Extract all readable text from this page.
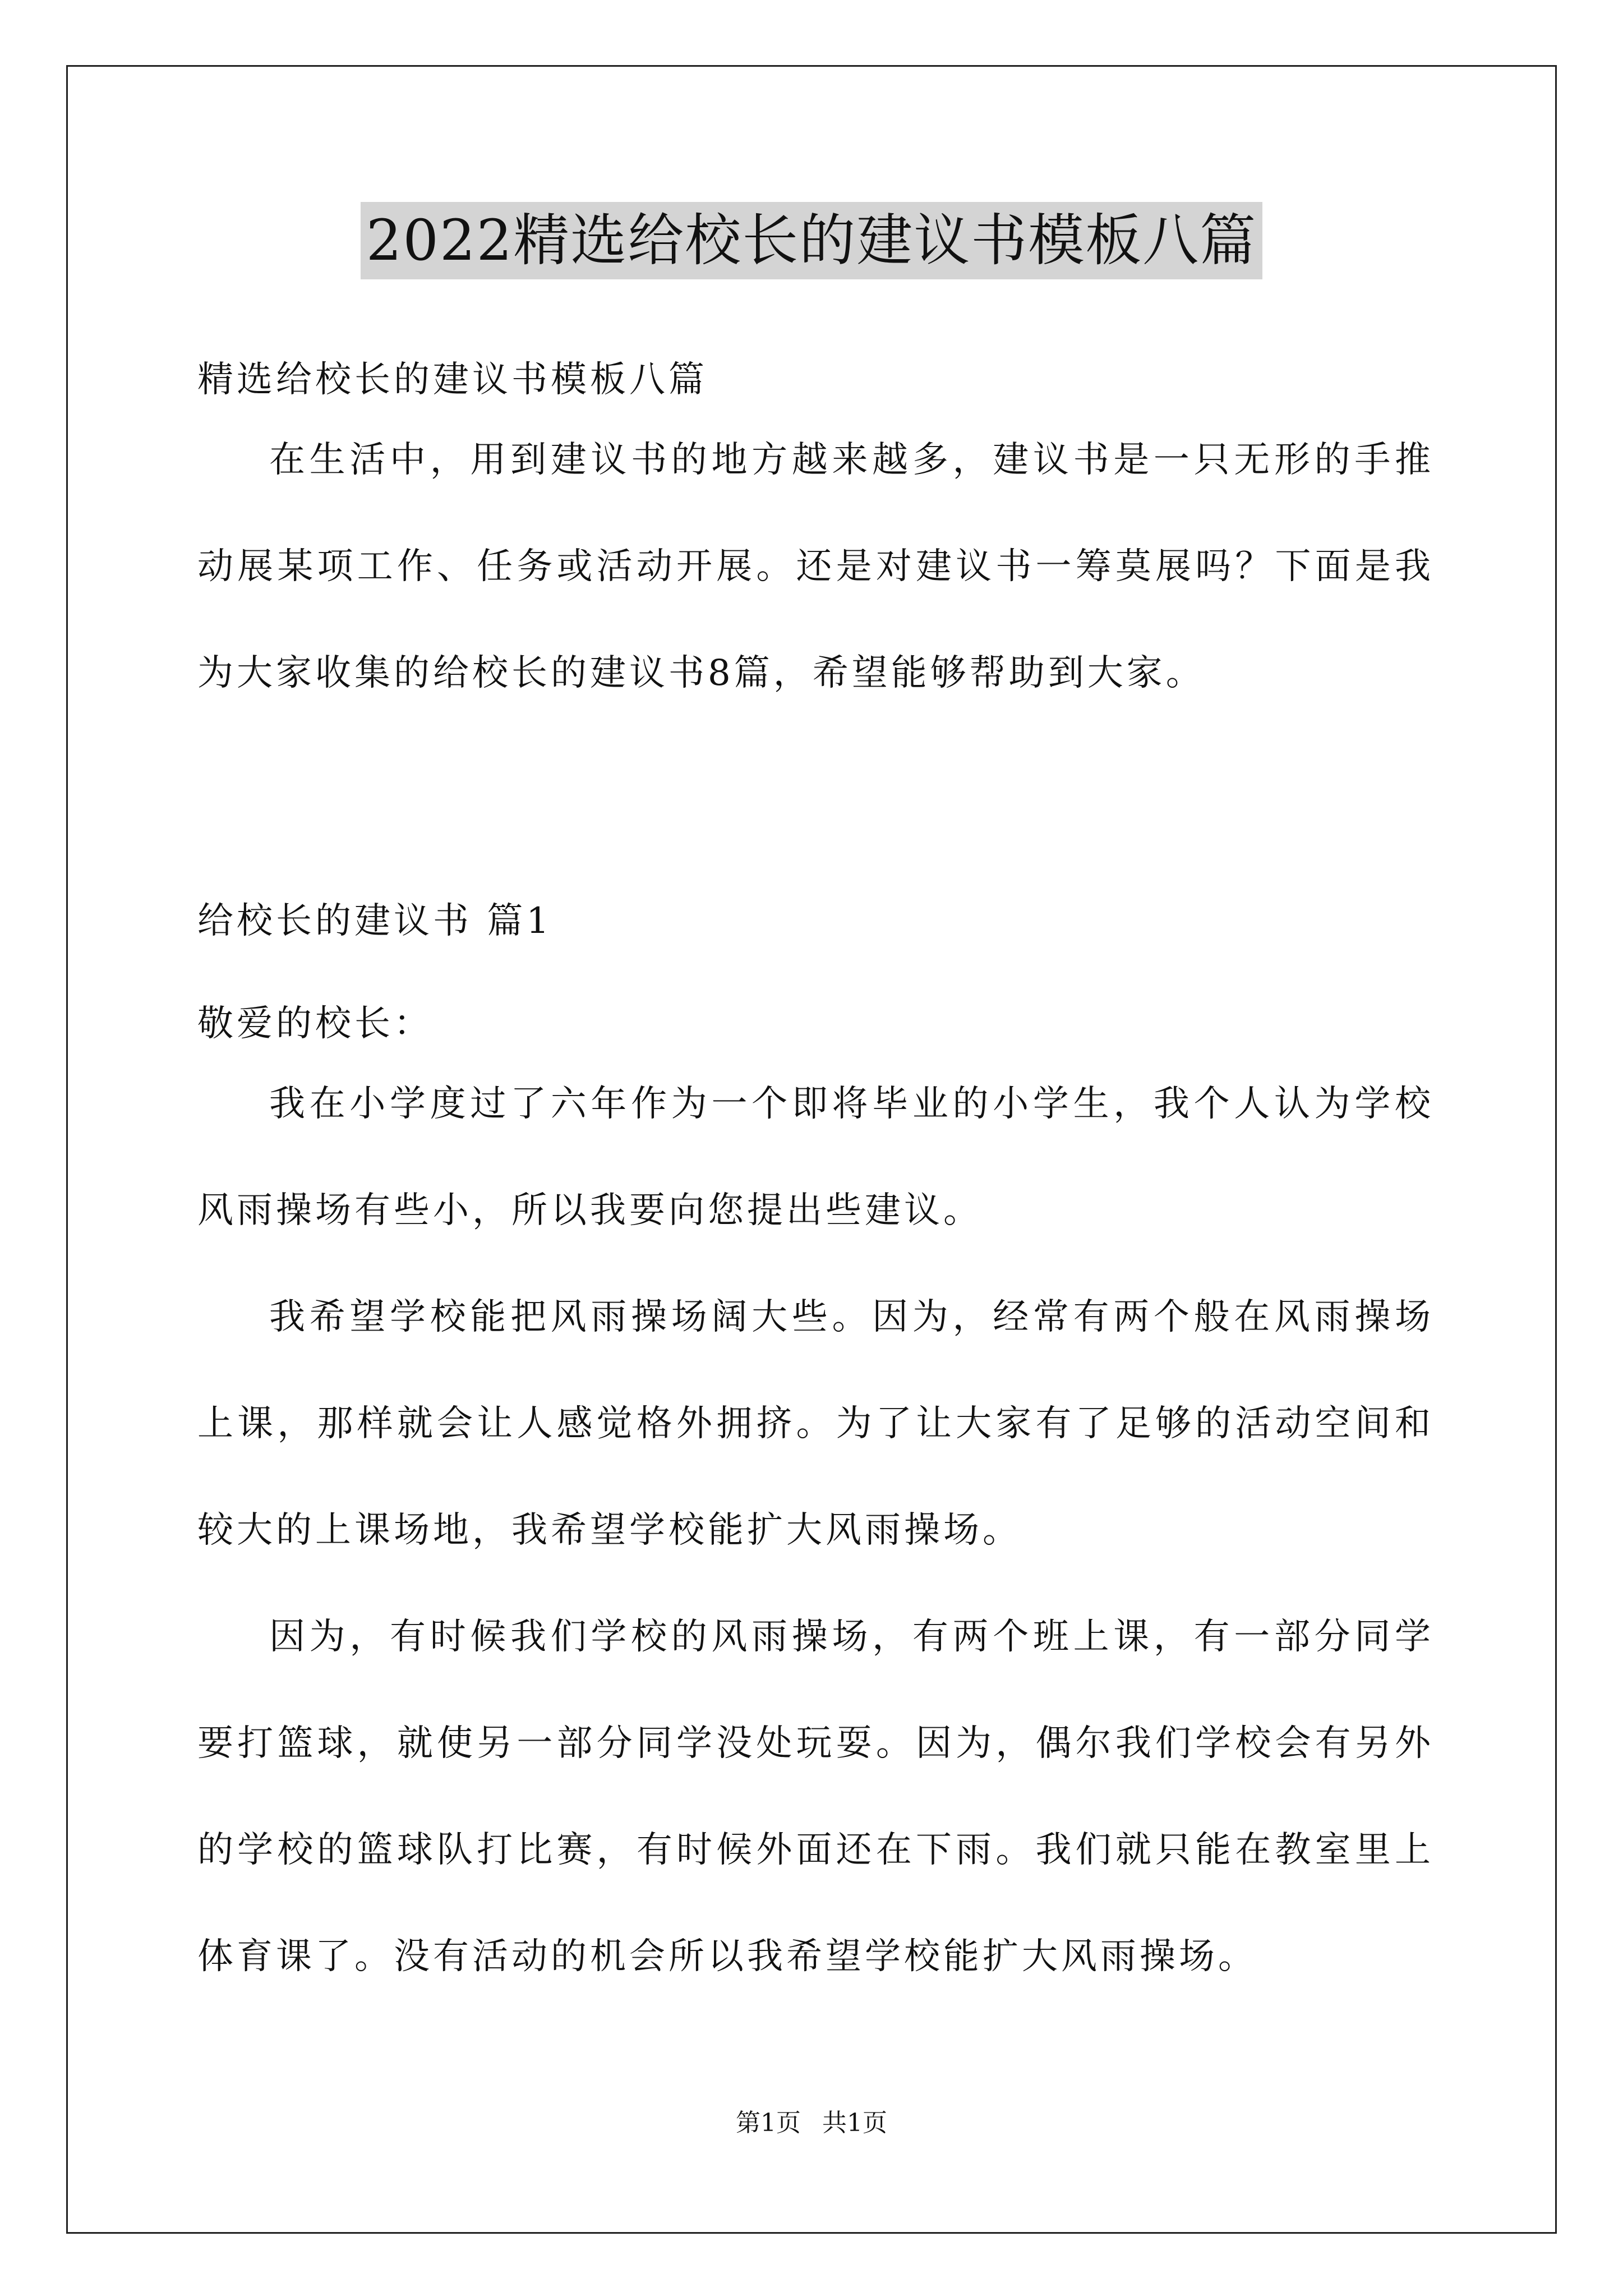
2022精选给校长的建议书模板八篇

精选给校长的建议书模板八篇

在生活中，用到建议书的地方越来越多，建议书是一只无形的手推动展某项工作、任务或活动开展。还是对建议书一筹莫展吗？下面是我为大家收集的给校长的建议书8篇，希望能够帮助到大家。

给校长的建议书 篇1

敬爱的校长：

我在小学度过了六年作为一个即将毕业的小学生，我个人认为学校风雨操场有些小，所以我要向您提出些建议。

我希望学校能把风雨操场阔大些。因为，经常有两个般在风雨操场上课，那样就会让人感觉格外拥挤。为了让大家有了足够的活动空间和较大的上课场地，我希望学校能扩大风雨操场。

因为，有时候我们学校的风雨操场，有两个班上课，有一部分同学要打篮球，就使另一部分同学没处玩耍。因为，偶尔我们学校会有另外的学校的篮球队打比赛，有时候外面还在下雨。我们就只能在教室里上体育课了。没有活动的机会所以我希望学校能扩大风雨操场。

第1页 共1页
